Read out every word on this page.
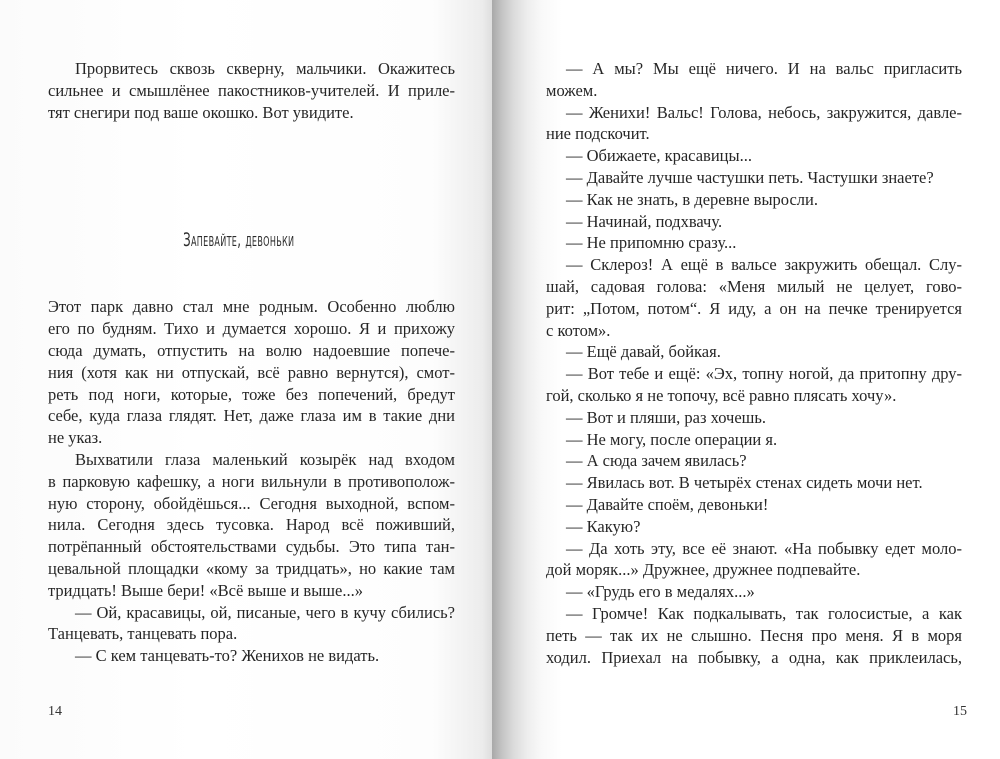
Прорвитесь сквозь скверну, мальчики. Окажитесь
сильнее и смышлёнее пакостников-учителей. И приле-
тят снегири под ваше окошко. Вот увидите.
Запевайте, девоньки
Этот парк давно стал мне родным. Особенно люблю
его по будням. Тихо и думается хорошо. Я и прихожу
сюда думать, отпустить на волю надоевшие попече-
ния (хотя как ни отпускай, всё равно вернутся), смот-
реть под ноги, которые, тоже без попечений, бредут
себе, куда глаза глядят. Нет, даже глаза им в такие дни
не указ.
Выхватили глаза маленький козырёк над входом
в парковую кафешку, а ноги вильнули в противополож-
ную сторону, обойдёшься... Сегодня выходной, вспом-
нила. Сегодня здесь тусовка. Народ всё поживший,
потрёпанный обстоятельствами судьбы. Это типа тан-
цевальной площадки «кому за тридцать», но какие там
тридцать! Выше бери! «Всё выше и выше...»
— Ой, красавицы, ой, писаные, чего в кучу сбились?
Танцевать, танцевать пора.
— С кем танцевать-то? Женихов не видать.
14
— А мы? Мы ещё ничего. И на вальс пригласить
можем.
— Женихи! Вальс! Голова, небось, закружится, давле-
ние подскочит.
— Обижаете, красавицы...
— Давайте лучше частушки петь. Частушки знаете?
— Как не знать, в деревне выросли.
— Начинай, подхвачу.
— Не припомню сразу...
— Склероз! А ещё в вальсе закружить обещал. Слу-
шай, садовая голова: «Меня милый не целует, гово-
рит: „Потом, потом“. Я иду, а он на печке тренируется
с котом».
— Ещё давай, бойкая.
— Вот тебе и ещё: «Эх, топну ногой, да притопну дру-
гой, сколько я не топочу, всё равно плясать хочу».
— Вот и пляши, раз хочешь.
— Не могу, после операции я.
— А сюда зачем явилась?
— Явилась вот. В четырёх стенах сидеть мочи нет.
— Давайте споём, девоньки!
— Какую?
— Да хоть эту, все её знают. «На побывку едет моло-
дой моряк...» Дружнее, дружнее подпевайте.
— «Грудь его в медалях...»
— Громче! Как подкалывать, так голосистые, а как
петь — так их не слышно. Песня про меня. Я в моря
ходил. Приехал на побывку, а одна, как приклеилась,
15
